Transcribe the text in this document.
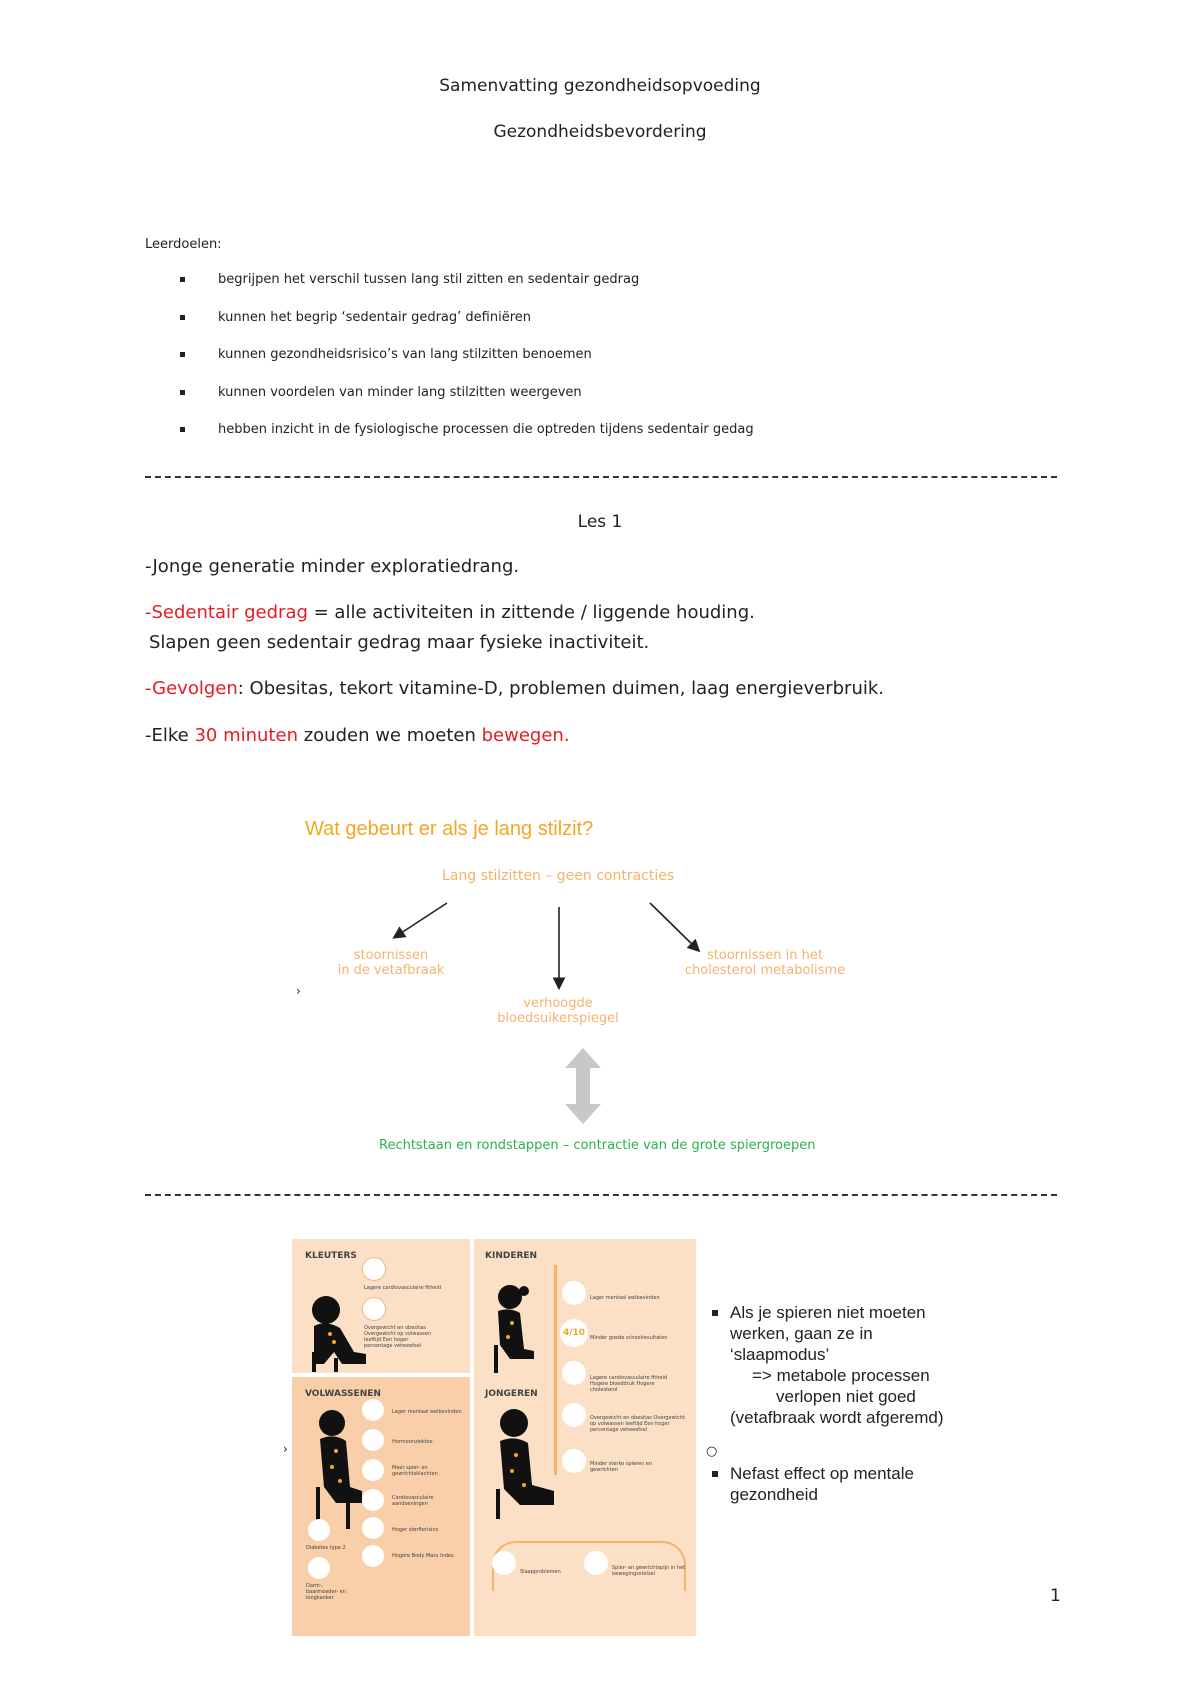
Samenvatting gezondheidsopvoeding
Gezondheidsbevordering
Leerdoelen:
begrijpen het verschil tussen lang stil zitten en sedentair gedrag
kunnen het begrip ‘sedentair gedrag’ definiëren
kunnen gezondheidsrisico’s van lang stilzitten benoemen
kunnen voordelen van minder lang stilzitten weergeven
hebben inzicht in de fysiologische processen die optreden tijdens sedentair gedag
Les 1
-Jonge generatie minder exploratiedrang.
-Sedentair gedrag = alle activiteiten in zittende / liggende houding.
Slapen geen sedentair gedrag maar fysieke inactiviteit.
-Gevolgen: Obesitas, tekort vitamine-D, problemen duimen, laag energieverbruik.
-Elke 30 minuten zouden we moeten bewegen.
Wat gebeurt er als je lang stilzit?
Lang stilzitten – geen contracties
stoornissen
in de vetafbraak
verhoogde
bloedsuikerspiegel
stoornissen in het
cholesterol metabolisme
›
Rechtstaan en rondstappen – contractie van de grote spiergroepen
KLEUTERS
Lagere cardiovasculaire fitheid
Overgewicht en obesitas Overgewicht op volwassen leeftijd Een hoger percentage vetweefsel
VOLWASSENEN
Lager mentaal welbevinden
Hormoonziektes
Meer spier- en gewrichtsklachten
Cardiovasculaire aandoeningen
Hoger sterfterisico
Hogere Body Mass Index
Diabetes type 2
Darm-, baarmoeder- en longkanker
KINDEREN
Lager mentaal welbevinden
4/10 Minder goede schoolresultaten
Lagere cardiovasculaire fitheid Hogere bloeddruk Hogere cholesterol
Overgewicht en obesitas Overgewicht op volwassen leeftijd Een hoger percentage vetweefsel
Minder sterke spieren en gewrichten
JONGEREN
Slaapproblemen
Spier- en gewrichtspijn in het bewegingsstelsel
›
Als je spieren niet moeten
werken, gaan ze in
‘slaapmodus’
=> metabole processen
verlopen niet goed
(vetafbraak wordt afgeremd)
○
Nefast effect op mentale
gezondheid
1
